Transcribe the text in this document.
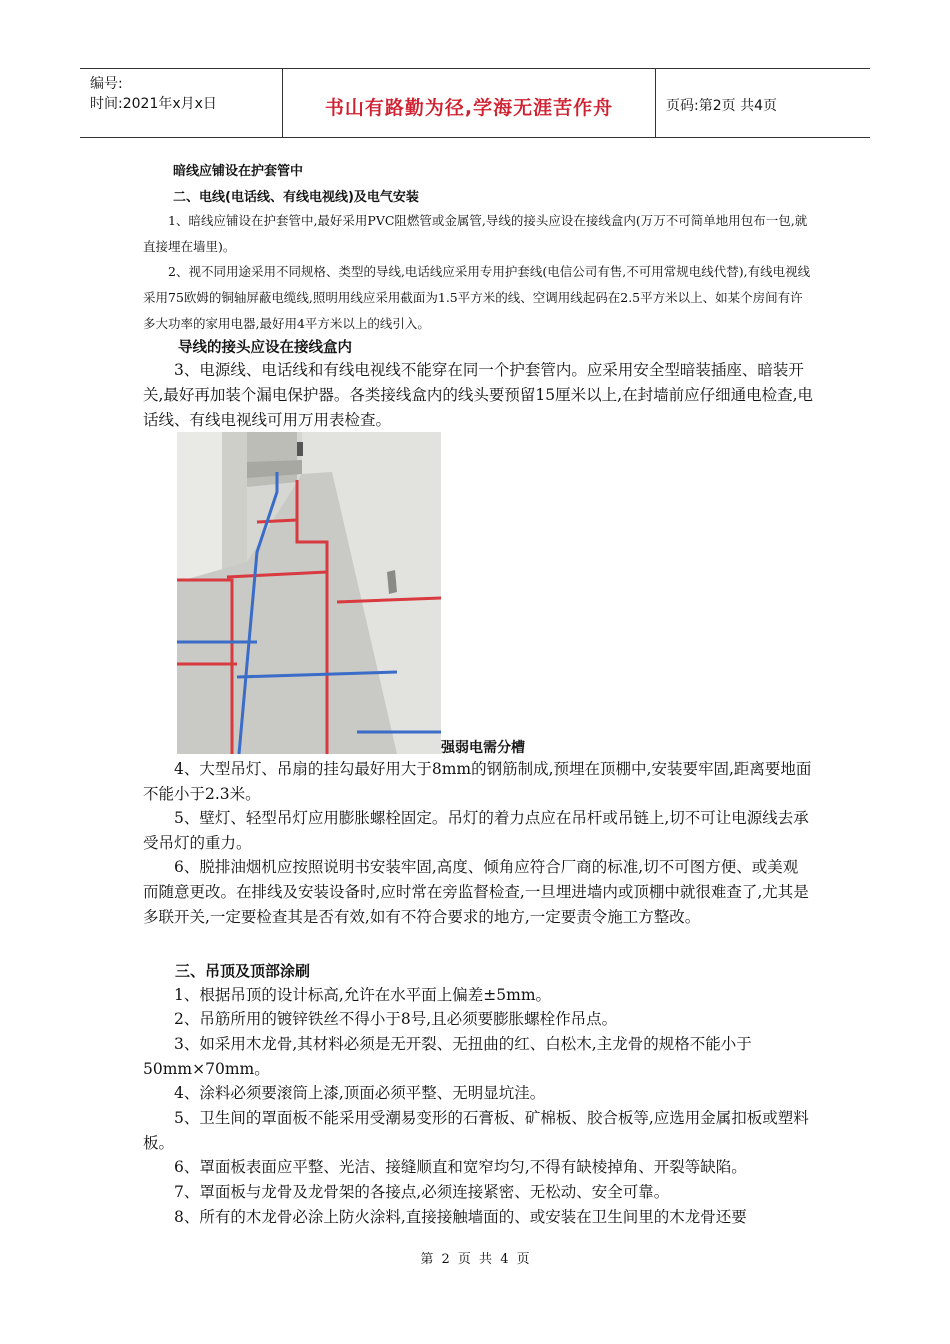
编号:
时间:2021年x月x日	书山有路勤为径,学海无涯苦作舟	页码:第2页 共4页
暗线应铺设在护套管中
二、电线(电话线、有线电视线)及电气安装

1、暗线应铺设在护套管中,最好采用PVC阻燃管或金属管,导线的接头应设在接线盒内(万万不可简单地用包布一包,就直接埋在墙里)。

2、视不同用途采用不同规格、类型的导线,电话线应采用专用护套线(电信公司有售,不可用常规电线代替),有线电视线采用75欧姆的铜轴屏蔽电缆线,照明用线应采用截面为1.5平方米的线、空调用线起码在2.5平方米以上、如某个房间有许多大功率的家用电器,最好用4平方米以上的线引入。

导线的接头应设在接线盒内

3、电源线、电话线和有线电视线不能穿在同一个护套管内。应采用安全型暗装插座、暗装开关,最好再加装个漏电保护器。各类接线盒内的线头要预留15厘米以上,在封墙前应仔细通电检查,电话线、有线电视线可用万用表检查。

强弱电需分槽

4、大型吊灯、吊扇的挂勾最好用大于8mm的钢筋制成,预埋在顶棚中,安装要牢固,距离要地面不能小于2.3米。

5、壁灯、轻型吊灯应用膨胀螺栓固定。吊灯的着力点应在吊杆或吊链上,切不可让电源线去承受吊灯的重力。

6、脱排油烟机应按照说明书安装牢固,高度、倾角应符合厂商的标准,切不可图方便、或美观而随意更改。在排线及安装设备时,应时常在旁监督检查,一旦埋进墙内或顶棚中就很难查了,尤其是多联开关,一定要检查其是否有效,如有不符合要求的地方,一定要责令施工方整改。

三、吊顶及顶部涂刷

1、根据吊顶的设计标高,允许在水平面上偏差±5mm。

2、吊筋所用的镀锌铁丝不得小于8号,且必须要膨胀螺栓作吊点。

3、如采用木龙骨,其材料必须是无开裂、无扭曲的红、白松木,主龙骨的规格不能小于50mm×70mm。

4、涂料必须要滚筒上漆,顶面必须平整、无明显坑洼。

5、卫生间的罩面板不能采用受潮易变形的石膏板、矿棉板、胶合板等,应选用金属扣板或塑料板。

6、罩面板表面应平整、光洁、接缝顺直和宽窄均匀,不得有缺棱掉角、开裂等缺陷。

7、罩面板与龙骨及龙骨架的各接点,必须连接紧密、无松动、安全可靠。

8、所有的木龙骨必涂上防火涂料,直接接触墙面的、或安装在卫生间里的木龙骨还要

第 2 页 共 4 页
